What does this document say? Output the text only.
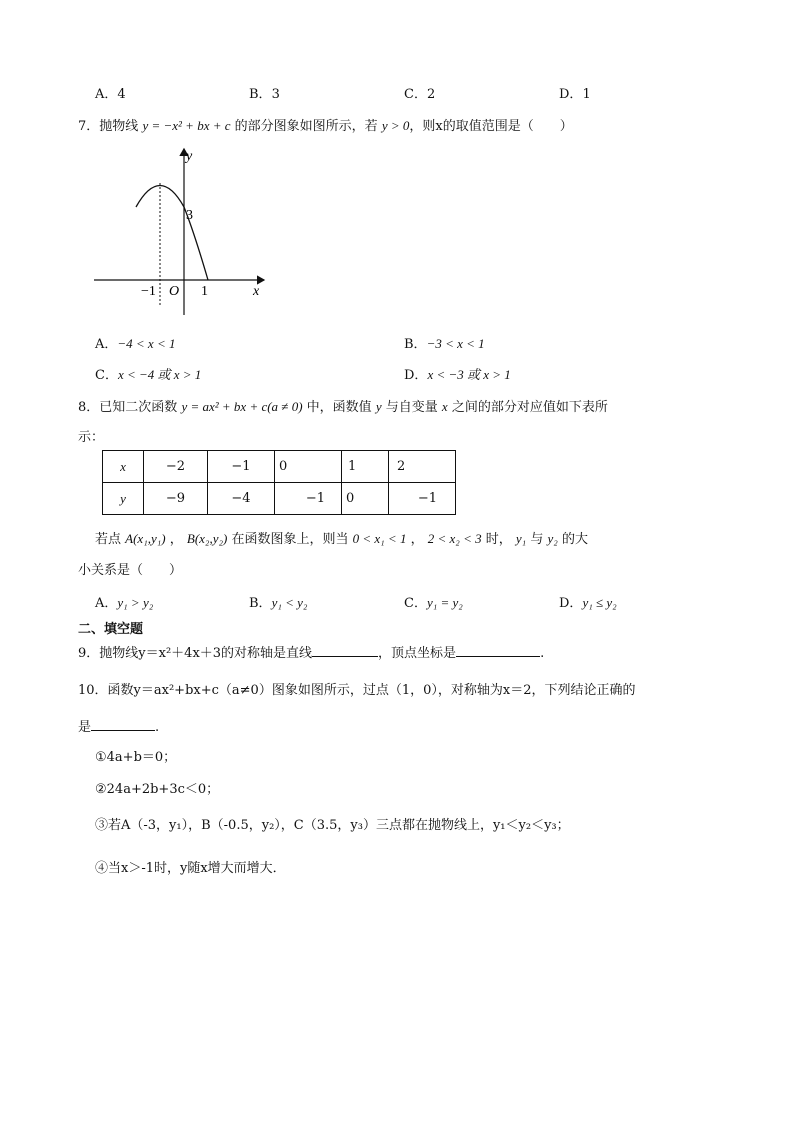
A．4	B．3	C．2	D．1
7．抛物线 y = −x² + bx + c 的部分图象如图所示，若 y > 0，则x的取值范围是（　　）
y
x
O
−1	1
3
A．−4 < x < 1	B．−3 < x < 1
C．x < −4 或 x > 1	D．x < −3 或 x > 1
8．已知二次函数 y = ax² + bx + c(a ≠ 0) 中，函数值 y 与自变量 x 之间的部分对应值如下表所
示：
x	−2	−1	0	1	2
y	−9	−4	−1	0	−1
若点 A(x₁,y₁) ， B(x₂,y₂) 在函数图象上，则当 0 < x₁ < 1 ， 2 < x₂ < 3 时， y₁ 与 y₂ 的大
小关系是（　　）
A．y₁ > y₂	B．y₁ < y₂	C．y₁ = y₂	D．y₁ ≤ y₂
二、填空题
9．抛物线y＝x²＋4x＋3的对称轴是直线	，顶点坐标是	.
10．函数y＝ax²+bx+c（a≠0）图象如图所示，过点（1，0），对称轴为x＝2，下列结论正确的
是	.
①4a+b＝0；
②24a+2b+3c＜0；
③若A（-3，y₁），B（-0.5，y₂），C（3.5，y₃）三点都在抛物线上，y₁＜y₂＜y₃；
④当x＞-1时，y随x增大而增大．
